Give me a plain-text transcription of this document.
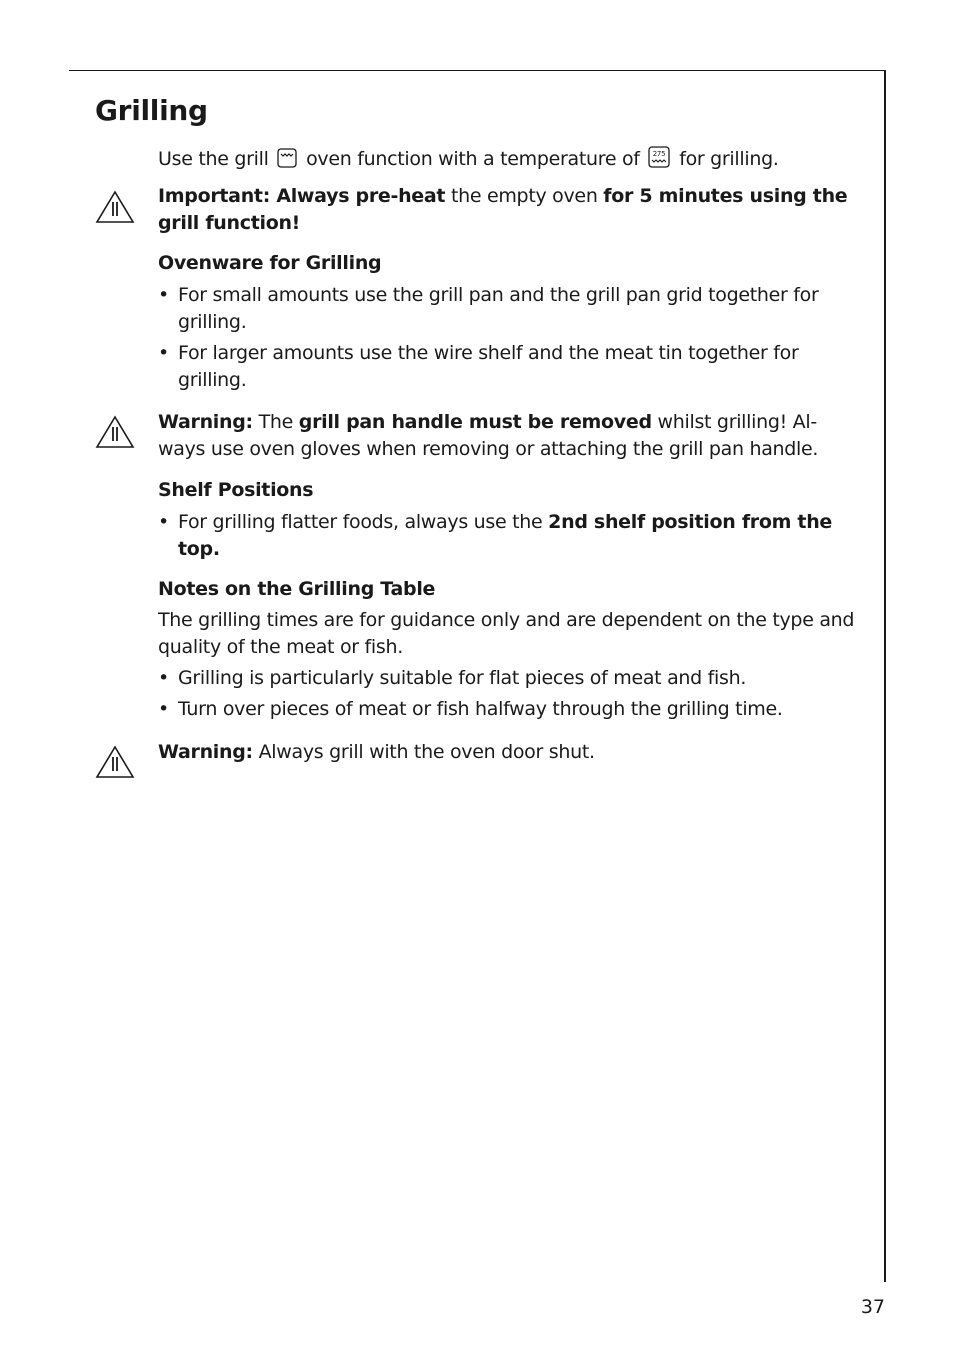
Grilling

Use the grill oven function with a temperature of 275 for grilling.

Important: Always pre-heat the empty oven for 5 minutes using the grill function!

Ovenware for Grilling

• For small amounts use the grill pan and the grill pan grid together for grilling.

• For larger amounts use the wire shelf and the meat tin together for grilling.

Warning: The grill pan handle must be removed whilst grilling! Al-ways use oven gloves when removing or attaching the grill pan handle.

Shelf Positions

• For grilling flatter foods, always use the 2nd shelf position from the top.

Notes on the Grilling Table

The grilling times are for guidance only and are dependent on the type and quality of the meat or fish.

• Grilling is particularly suitable for flat pieces of meat and fish.

• Turn over pieces of meat or fish halfway through the grilling time.

Warning: Always grill with the oven door shut.

37
